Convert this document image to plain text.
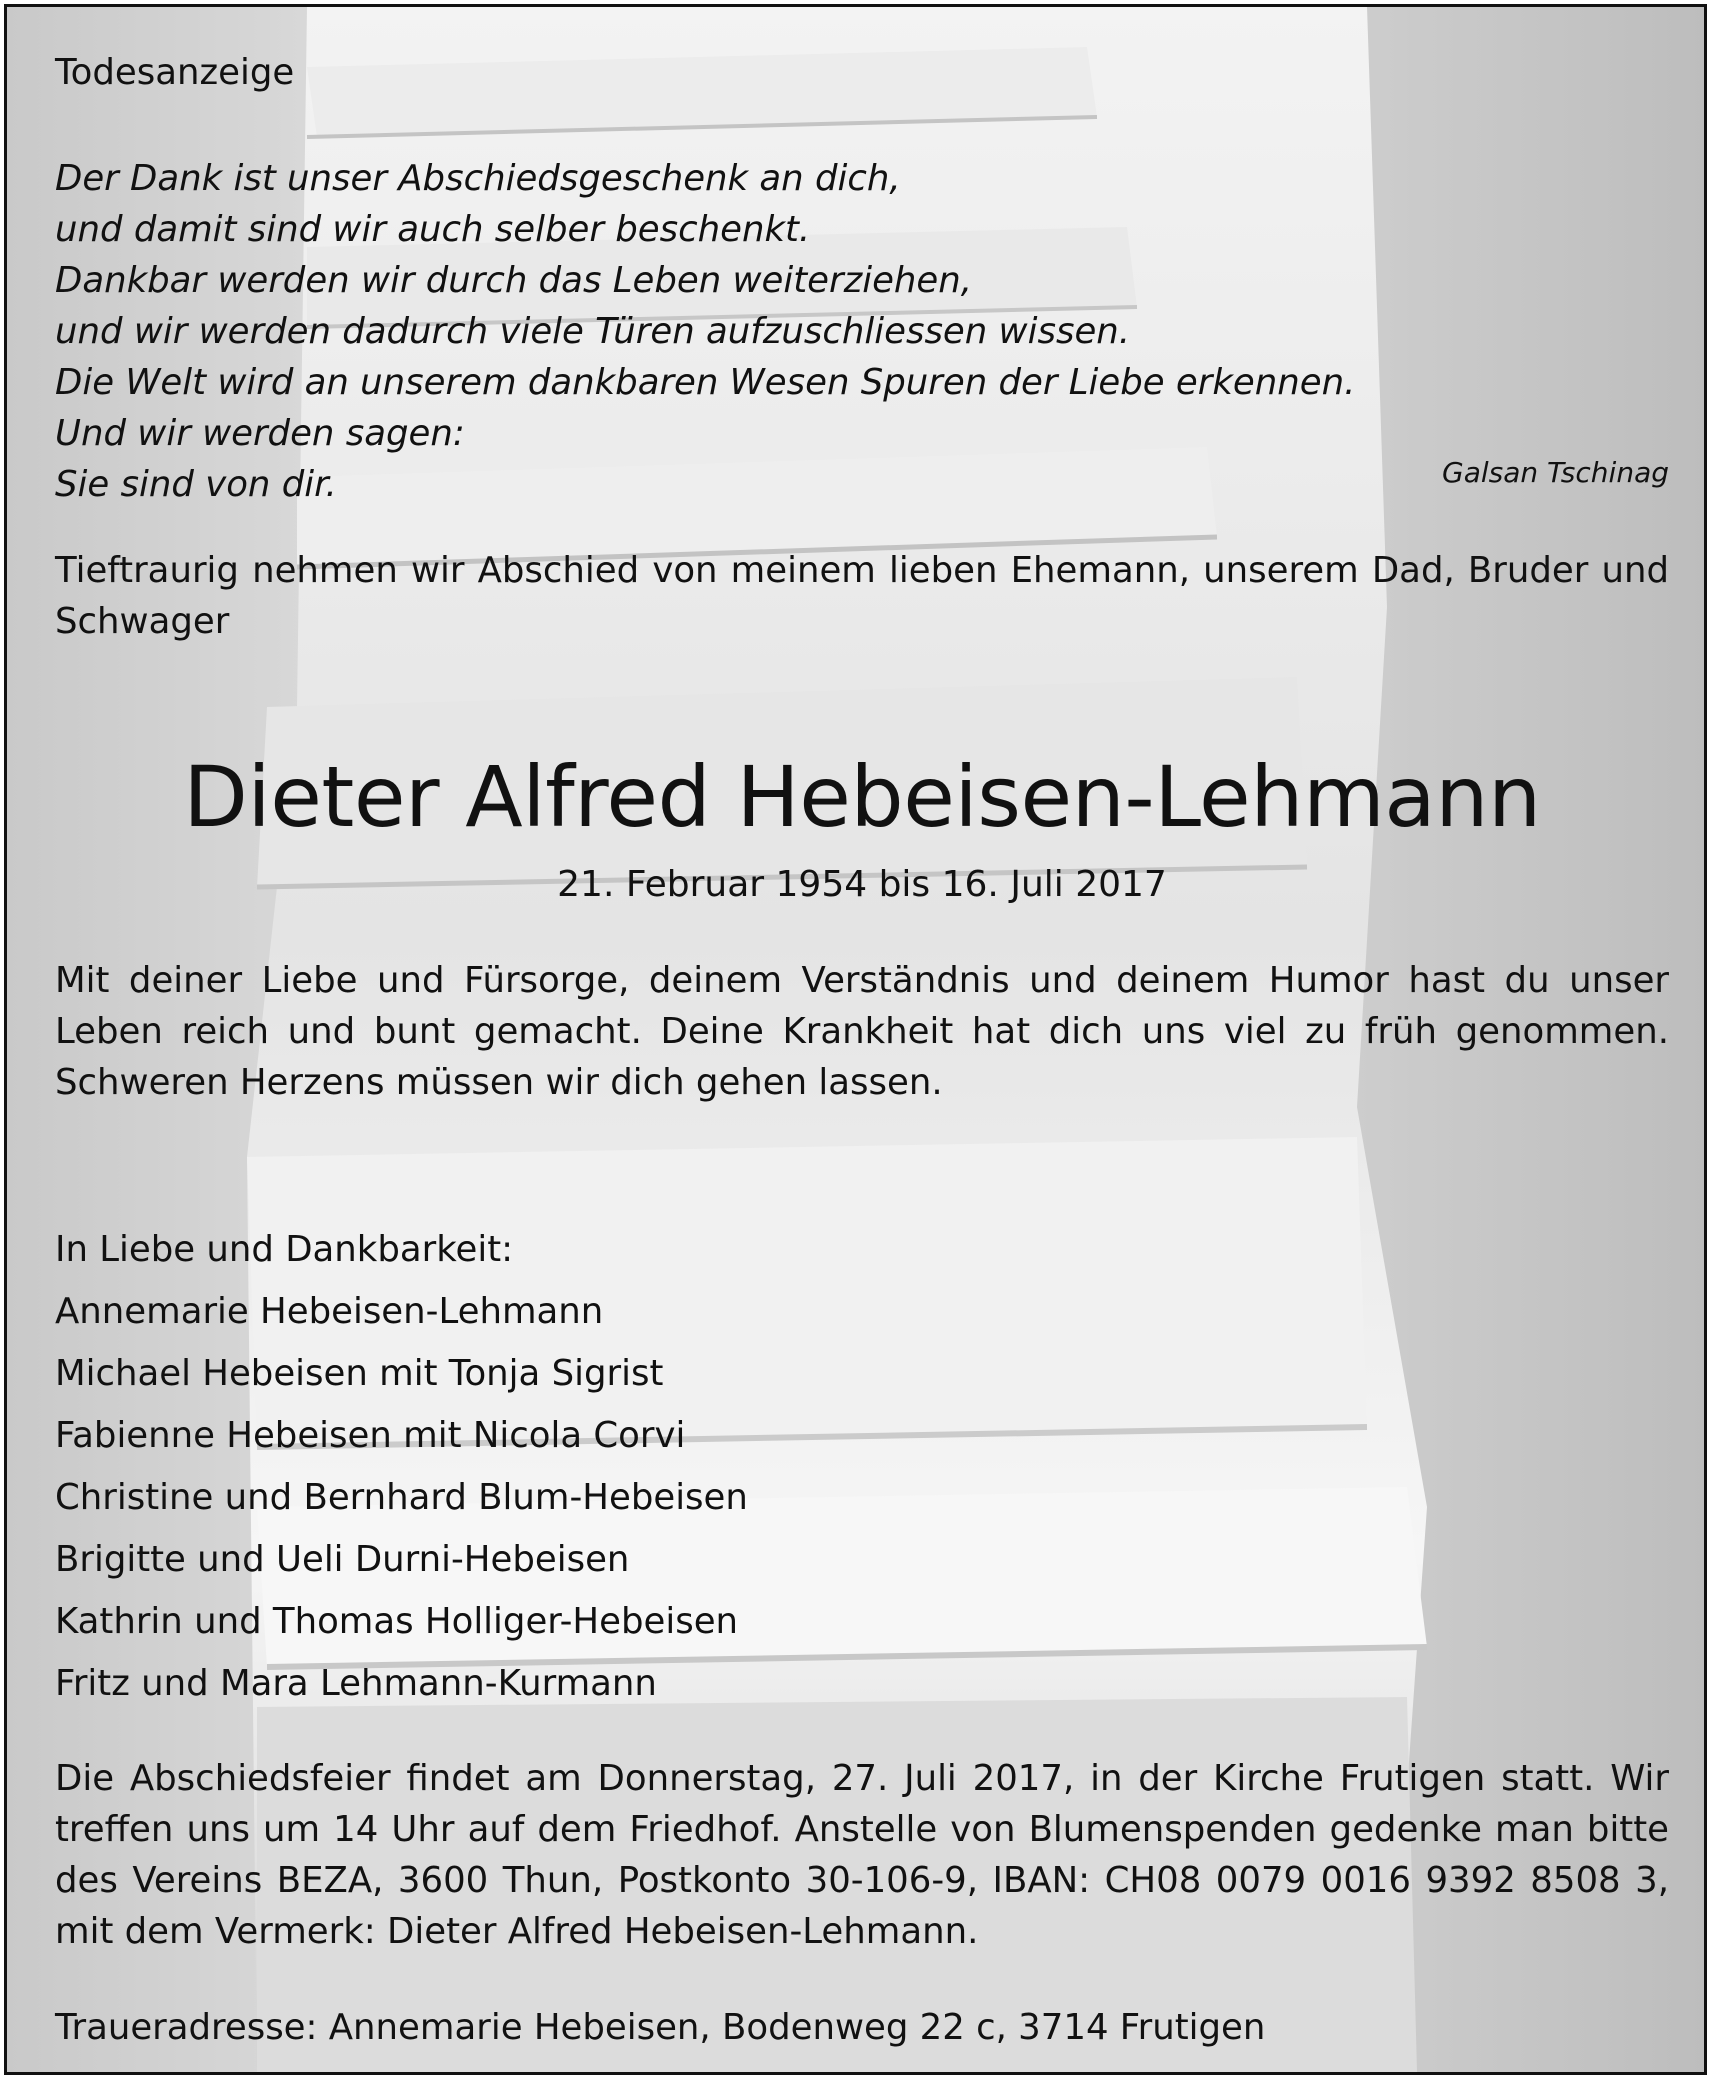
Todesanzeige
Der Dank ist unser Abschiedsgeschenk an dich,
und damit sind wir auch selber beschenkt.
Dankbar werden wir durch das Leben weiterziehen,
und wir werden dadurch viele Türen aufzuschliessen wissen.
Die Welt wird an unserem dankbaren Wesen Spuren der Liebe erkennen.
Und wir werden sagen:
Sie sind von dir.	Galsan Tschinag

Tieftraurig nehmen wir Abschied von meinem lieben Ehemann, unserem Dad, Bruder und Schwager

Dieter Alfred Hebeisen-Lehmann
21. Februar 1954 bis 16. Juli 2017

Mit deiner Liebe und Fürsorge, deinem Verständnis und deinem Humor hast du unser Leben reich und bunt gemacht. Deine Krankheit hat dich uns viel zu früh genommen. Schweren Herzens müssen wir dich gehen lassen.

In Liebe und Dankbarkeit:
Annemarie Hebeisen-Lehmann
Michael Hebeisen mit Tonja Sigrist
Fabienne Hebeisen mit Nicola Corvi
Christine und Bernhard Blum-Hebeisen
Brigitte und Ueli Durni-Hebeisen
Kathrin und Thomas Holliger-Hebeisen
Fritz und Mara Lehmann-Kurmann

Die Abschiedsfeier findet am Donnerstag, 27. Juli 2017, in der Kirche Frutigen statt. Wir treffen uns um 14 Uhr auf dem Friedhof. Anstelle von Blumenspenden gedenke man bitte des Vereins BEZA, 3600 Thun, Postkonto 30-106-9, IBAN: CH08 0079 0016 9392 8508 3, mit dem Vermerk: Dieter Alfred Hebeisen-Lehmann.

Traueradresse: Annemarie Hebeisen, Bodenweg 22 c, 3714 Frutigen
